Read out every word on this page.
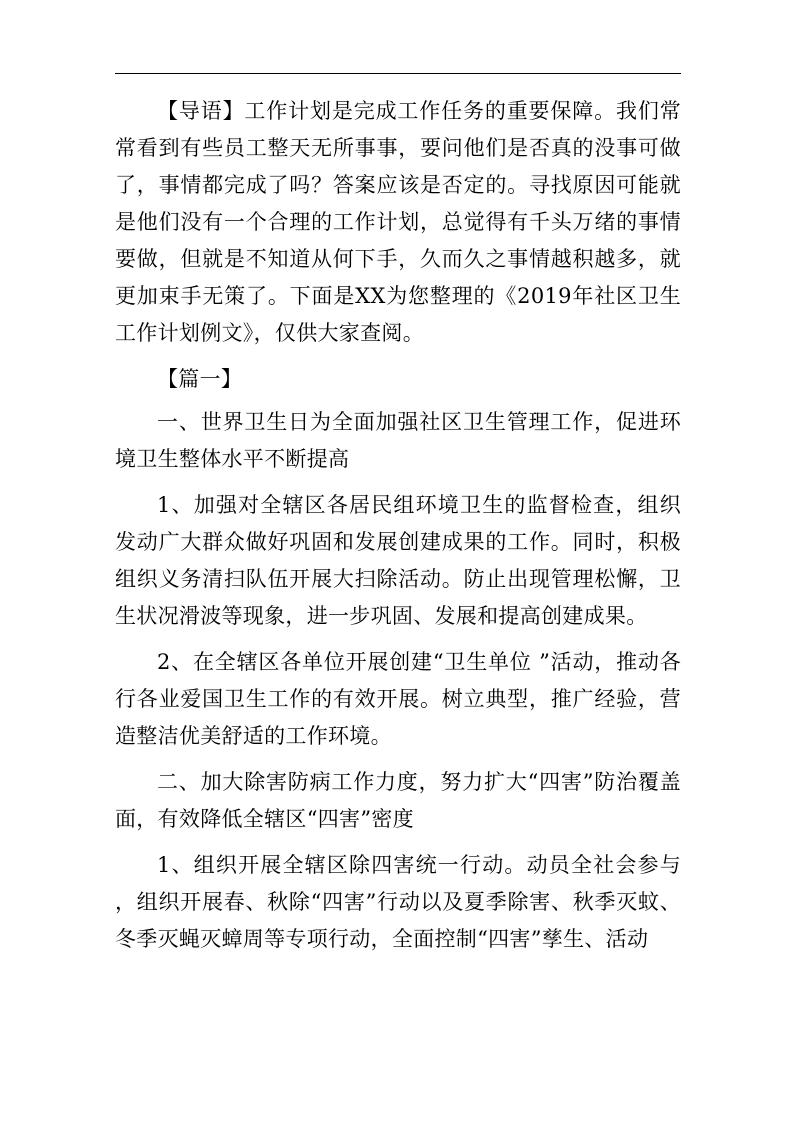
【导语】工作计划是完成工作任务的重要保障。我们常常看到有些员工整天无所事事，要问他们是否真的没事可做了，事情都完成了吗？答案应该是否定的。寻找原因可能就是他们没有一个合理的工作计划，总觉得有千头万绪的事情要做，但就是不知道从何下手，久而久之事情越积越多，就更加束手无策了。下面是XX为您整理的《2019年社区卫生工作计划例文》，仅供大家查阅。

【篇一】

一、世界卫生日为全面加强社区卫生管理工作，促进环境卫生整体水平不断提高

1、加强对全辖区各居民组环境卫生的监督检查，组织发动广大群众做好巩固和发展创建成果的工作。同时，积极组织义务清扫队伍开展大扫除活动。防止出现管理松懈，卫生状况滑波等现象，进一步巩固、发展和提高创建成果。

2、在全辖区各单位开展创建“卫生单位 ”活动，推动各行各业爱国卫生工作的有效开展。树立典型，推广经验，营造整洁优美舒适的工作环境。

二、加大除害防病工作力度，努力扩大“四害”防治覆盖面，有效降低全辖区“四害”密度

1、组织开展全辖区除四害统一行动。动员全社会参与 ，组织开展春、秋除“四害”行动以及夏季除害、秋季灭蚊、冬季灭蝇灭蟑周等专项行动，全面控制“四害”孳生、活动
